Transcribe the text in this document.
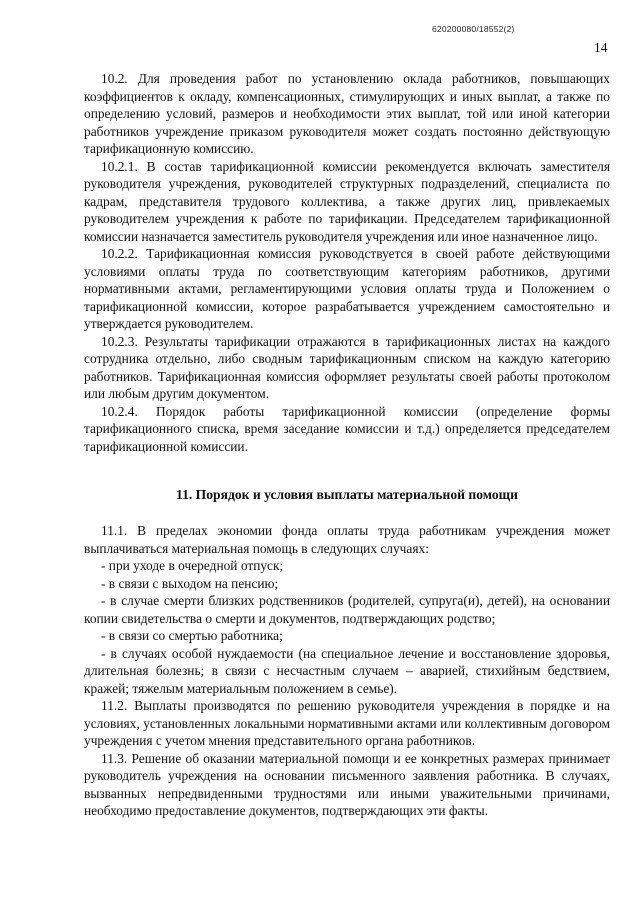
620200080/18552(2)
14

10.2. Для проведения работ по установлению оклада работников, повышающих коэффициентов к окладу, компенсационных, стимулирующих и иных выплат, а также по определению условий, размеров и необходимости этих выплат, той или иной категории работников учреждение приказом руководителя может создать постоянно действующую тарификационную комиссию.

10.2.1. В состав тарификационной комиссии рекомендуется включать заместителя руководителя учреждения, руководителей структурных подразделений, специалиста по кадрам, представителя трудового коллектива, а также других лиц, привлекаемых руководителем учреждения к работе по тарификации. Председателем тарификационной комиссии назначается заместитель руководителя учреждения или иное назначенное лицо.

10.2.2. Тарификационная комиссия руководствуется в своей работе действующими условиями оплаты труда по соответствующим категориям работников, другими нормативными актами, регламентирующими условия оплаты труда и Положением о тарификационной комиссии, которое разрабатывается учреждением самостоятельно и утверждается руководителем.

10.2.3. Результаты тарификации отражаются в тарификационных листах на каждого сотрудника отдельно, либо сводным тарификационным списком на каждую категорию работников. Тарификационная комиссия оформляет результаты своей работы протоколом или любым другим документом.

10.2.4. Порядок работы тарификационной комиссии (определение формы тарификационного списка, время заседание комиссии и т.д.) определяется председателем тарификационной комиссии.

11. Порядок и условия выплаты материальной помощи

11.1. В пределах экономии фонда оплаты труда работникам учреждения может выплачиваться материальная помощь в следующих случаях:

- при уходе в очередной отпуск;

- в связи с выходом на пенсию;

- в случае смерти близких родственников (родителей, супруга(и), детей), на основании копии свидетельства о смерти и документов, подтверждающих родство;

- в связи со смертью работника;

- в случаях особой нуждаемости (на специальное лечение и восстановление здоровья, длительная болезнь; в связи с несчастным случаем – аварией, стихийным бедствием, кражей; тяжелым материальным положением в семье).

11.2. Выплаты производятся по решению руководителя учреждения в порядке и на условиях, установленных локальными нормативными актами или коллективным договором учреждения с учетом мнения представительного органа работников.

11.3. Решение об оказании материальной помощи и ее конкретных размерах принимает руководитель учреждения на основании письменного заявления работника. В случаях, вызванных непредвиденными трудностями или иными уважительными причинами, необходимо предоставление документов, подтверждающих эти факты.
